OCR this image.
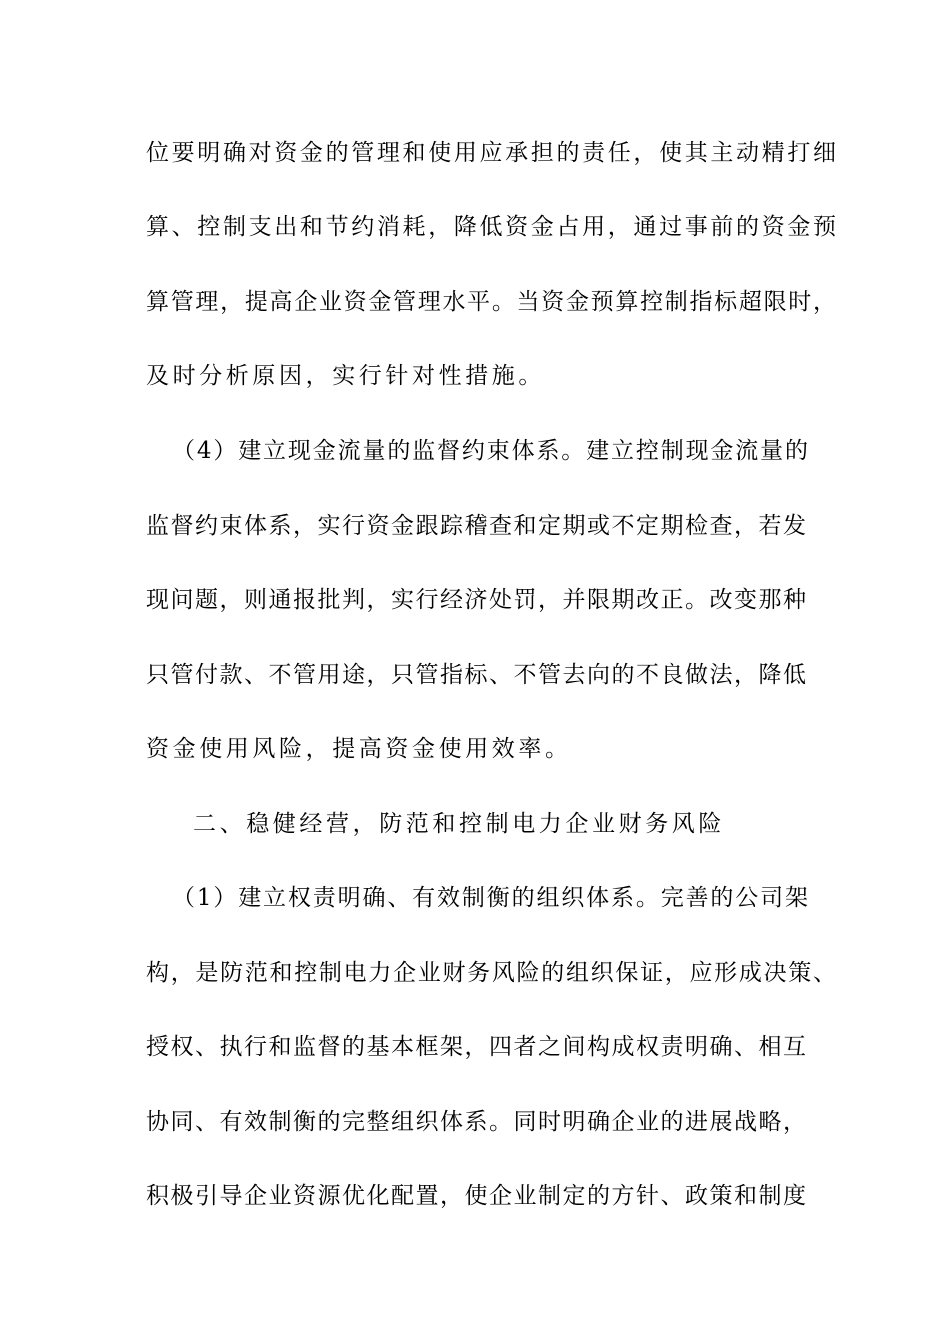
位要明确对资金的管理和使用应承担的责任，使其主动精打细
算、控制支出和节约消耗，降低资金占用，通过事前的资金预
算管理，提高企业资金管理水平。当资金预算控制指标超限时，
及时分析原因，实行针对性措施。
（4）建立现金流量的监督约束体系。建立控制现金流量的
监督约束体系，实行资金跟踪稽查和定期或不定期检查，若发
现问题，则通报批判，实行经济处罚，并限期改正。改变那种
只管付款、不管用途，只管指标、不管去向的不良做法，降低
资金使用风险，提高资金使用效率。
二、稳健经营，防范和控制电力企业财务风险
（1）建立权责明确、有效制衡的组织体系。完善的公司架
构，是防范和控制电力企业财务风险的组织保证，应形成决策、
授权、执行和监督的基本框架，四者之间构成权责明确、相互
协同、有效制衡的完整组织体系。同时明确企业的进展战略，
积极引导企业资源优化配置，使企业制定的方针、政策和制度
